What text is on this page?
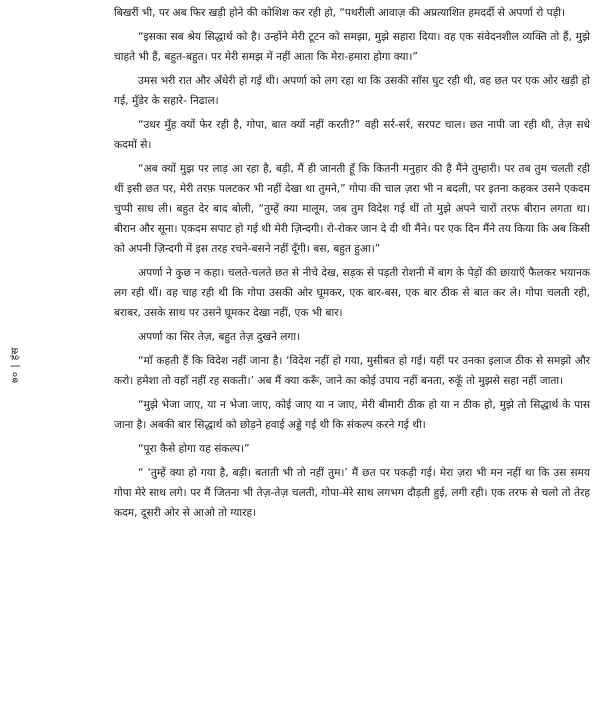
७० | हंस

बिखरीं भी, पर अब फिर खड़ी होने की कोशिश कर रही हो, “पथरीली आवाज़ की अप्रत्याशित हमदर्दी से अपर्णा रो पड़ी।

“इसका सब श्रेय सिद्धार्थ को है। उन्होंने मेरी टूटन को समझा, मुझे सहारा दिया। वह एक संवेदनशील व्यक्ति तो हैं, मुझे चाहते भी हैं, बहुत-बहुत। पर मेरी समझ में नहीं आता कि मेरा-हमारा होगा क्या।”

उमस भरी रात और अँधेरी हो गई थी। अपर्णा को लग रहा था कि उसकी साँस घुट रही थी, वह छत पर एक ओर खड़ी हो गई, मुँडेर के सहारे- निढाल।

“उधर मुँह क्यों फेर रही है, गोपा, बात क्यों नहीं करती?” वही सर्र-सर्र, सरपट चाल। छत नापी जा रही थी, तेज़ सधे कदमों से।

“अब क्यों मुझ पर लाड़ आ रहा है, बड़ी, मैं ही जानती हूँ कि कितनी मनुहार की है मैंने तुम्हारी। पर तब तुम चलती रही थीं इसी छत पर, मेरी तरफ़ पलटकर भी नहीं देखा था तुमने,” गोपा की चाल ज़रा भी न बदली, पर इतना कहकर उसने एकदम चुप्पी साध ली। बहुत देर बाद बोली, “तुम्हें क्या मालूम, जब तुम विदेश गई थीं तो मुझे अपने चारों तरफ बीरान लगता था। बीरान और सूना। एकदम सपाट हो गई थी मेरी ज़िन्दगी। रो-रोकर जान दे दी थी मैंने। पर एक दिन मैंने तय किया कि अब किसी को अपनी ज़िन्दगी में इस तरह रचने-बसने नहीं दूँगी। बस, बहुत हुआ।”

अपर्णा ने कुछ न कहा। चलते-चलते छत से नीचे देख, सड़क से पड़ती रोशनी में बाग के पेड़ों की छायाएँ फैलकर भयानक लग रही थीं। वह चाह रही थी कि गोपा उसकी ओर घूमकर, एक बार-बस, एक बार ठीक से बात कर ले। गोपा चलती रही, बराबर, उसके साथ पर उसने घूमकर देखा नहीं, एक भी बार।

अपर्णा का सिर तेज़, बहुत तेज़ दुखने लगा।

“माँ कहती हैं कि विदेश नहीं जाना है। ‘विदेश नहीं हो गया, मुसीबत हो गई। यहीं पर उनका इलाज ठीक से समझो और करो। हमेशा तो वहाँ नहीं रह सकती।’ अब मैं क्या करूँ, जाने का कोई उपाय नहीं बनता, रुकूँ तो मुझसे सहा नहीं जाता।

“मुझे भेजा जाए, या न भेजा जाए, कोई जाए या न जाए, मेरी बीमारी ठीक हो या न ठीक हो, मुझे तो सिद्धार्थ के पास जाना है। अबकी बार सिद्धार्थ को छोड़ने हवाई अड्डे गई थी कि संकल्प करने गई थी।

“पूरा कैसे होगा यह संकल्प।”

“ ‘तुम्हें क्या हो गया है, बड़ी। बताती भी तो नहीं तुम।’ मैं छत पर पकड़ी गई। मेरा ज़रा भी मन नहीं था कि उस समय गोपा मेरे साथ लगे। पर मैं जितना भी तेज़-तेज़ चलती, गोपा-मेरे साथ लगभग दौड़ती हुई, लगी रही। एक तरफ से चलो तो तेरह कदम, दूसरी ओर से आओ तो ग्यारह।
